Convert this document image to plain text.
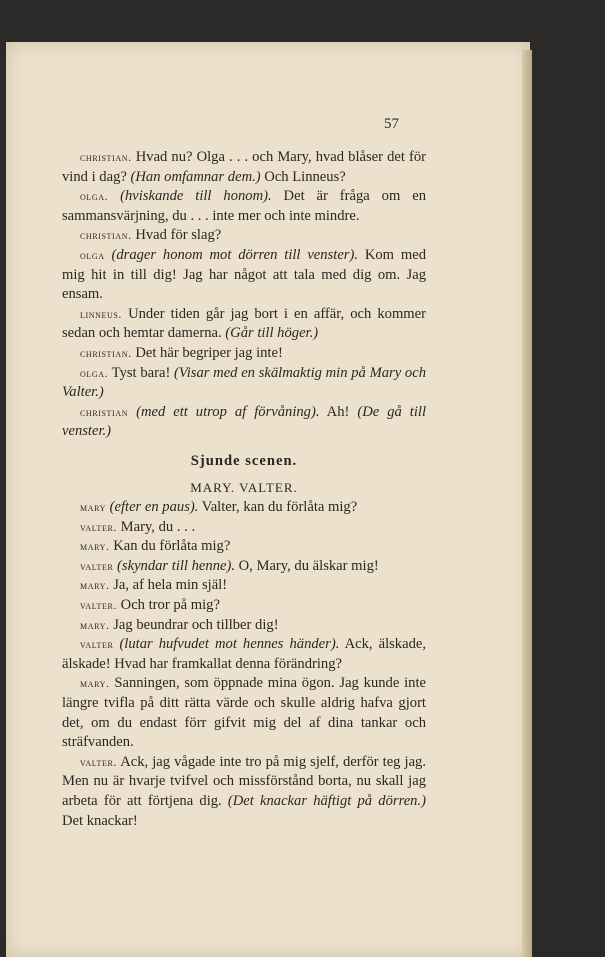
57

christian. Hvad nu? Olga . . . och Mary, hvad blåser det för vind i dag? (Han omfamnar dem.) Och Linneus?

olga. (hviskande till honom). Det är fråga om en sammansvärjning, du . . . inte mer och inte mindre.

christian. Hvad för slag?

olga (drager honom mot dörren till venster). Kom med mig hit in till dig! Jag har något att tala med dig om. Jag ensam.

linneus. Under tiden går jag bort i en affär, och kommer sedan och hemtar damerna. (Går till höger.)

christian. Det här begriper jag inte!

olga. Tyst bara! (Visar med en skälmaktig min på Mary och Valter.)

christian (med ett utrop af förvåning). Ah! (De gå till venster.)

Sjunde scenen.

MARY. VALTER.

mary (efter en paus). Valter, kan du förlåta mig?

valter. Mary, du . . .

mary. Kan du förlåta mig?

valter (skyndar till henne). O, Mary, du älskar mig!

mary. Ja, af hela min själ!

valter. Och tror på mig?

mary. Jag beundrar och tillber dig!

valter (lutar hufvudet mot hennes händer). Ack, älskade, älskade! Hvad har framkallat denna förändring?

mary. Sanningen, som öppnade mina ögon. Jag kunde inte längre tvifla på ditt rätta värde och skulle aldrig hafva gjort det, om du endast förr gifvit mig del af dina tankar och sträfvanden.

valter. Ack, jag vågade inte tro på mig sjelf, derför teg jag. Men nu är hvarje tvifvel och missförstånd borta, nu skall jag arbeta för att förtjena dig. (Det knackar häftigt på dörren.) Det knackar!
